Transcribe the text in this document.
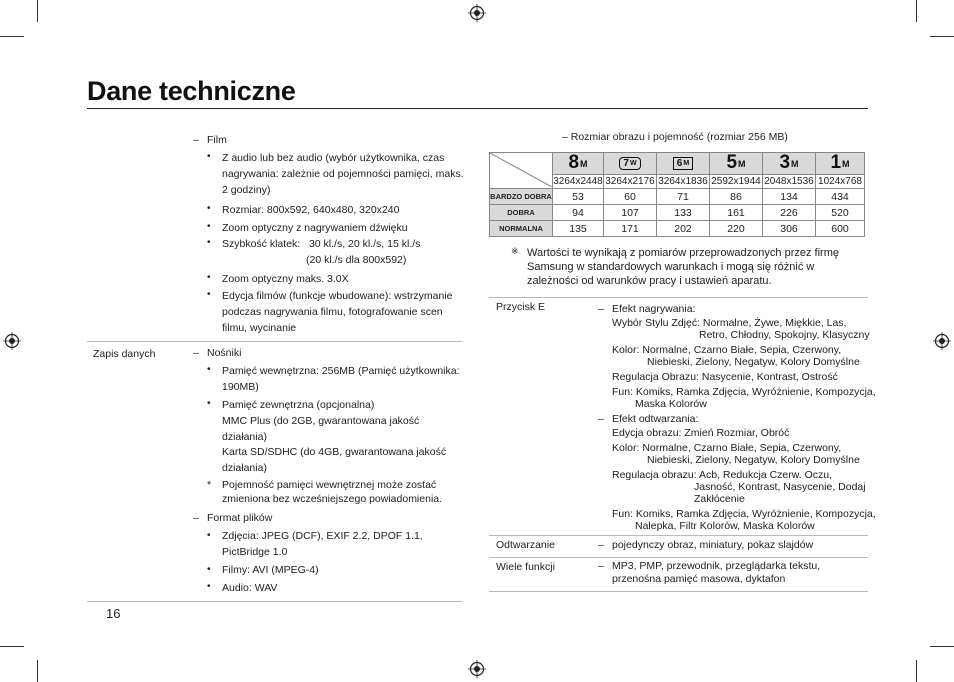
Dane techniczne
– Film
• Z audio lub bez audio (wybór użytkownika, czas
nagrywania: zależnie od pojemności pamięci, maks.
2 godziny)
• Rozmiar: 800x592, 640x480, 320x240
• Zoom optyczny z nagrywaniem dźwięku
• Szybkość klatek:   30 kl./s, 20 kl./s, 15 kl./s
(20 kl./s dla 800x592)
• Zoom optyczny maks. 3.0X
• Edycja filmów (funkcje wbudowane): wstrzymanie
podczas nagrywania filmu, fotografowanie scen
filmu, wycinanie
Zapis danych	– Nośniki
• Pamięć wewnętrzna: 256MB (Pamięć użytkownika:
190MB)
• Pamięć zewnętrzna (opcjonalna)
MMC Plus (do 2GB, gwarantowana jakość
działania)
Karta SD/SDHC (do 4GB, gwarantowana jakość
działania)
* Pojemność pamięci wewnętrznej może zostać
zmieniona bez wcześniejszego powiadomienia.
– Format plików
• Zdjęcia: JPEG (DCF), EXIF 2.2, DPOF 1.1,
PictBridge 1.0
• Filmy: AVI (MPEG-4)
• Audio: WAV
16
– Rozmiar obrazu i pojemność (rozmiar 256 MB)
	8M	7W	6M	5M	3M	1M
	3264x2448	3264x2176	3264x1836	2592x1944	2048x1536	1024x768
BARDZO DOBRA	53	60	71	86	134	434
DOBRA	94	107	133	161	226	520
NORMALNA	135	171	202	220	306	600
※ Wartości te wynikają z pomiarów przeprowadzonych przez firmę
Samsung w standardowych warunkach i mogą się różnić w
zależności od warunków pracy i ustawień aparatu.
Przycisk E	– Efekt nagrywania:
Wybór Stylu Zdjęć: Normalne, Żywe, Miękkie, Las,
Retro, Chłodny, Spokojny, Klasyczny
Kolor: Normalne, Czarno Białe, Sepia, Czerwony,
Niebieski, Zielony, Negatyw, Kolory Domyślne
Regulacja Obrazu: Nasycenie, Kontrast, Ostrość
Fun: Komiks, Ramka Zdjęcia, Wyróżnienie, Kompozycja,
Maska Kolorów
– Efekt odtwarzania:
Edycja obrazu: Zmień Rozmiar, Obróć
Kolor: Normalne, Czarno Białe, Sepia, Czerwony,
Niebieski, Zielony, Negatyw, Kolory Domyślne
Regulacja obrazu: Acb, Redukcja Czerw. Oczu,
Jasność, Kontrast, Nasycenie, Dodaj
Zakłócenie
Fun: Komiks, Ramka Zdjęcia, Wyróżnienie, Kompozycja,
Nalepka, Filtr Kolorów, Maska Kolorów
Odtwarzanie	– pojedynczy obraz, miniatury, pokaz slajdów
Wiele funkcji	– MP3, PMP, przewodnik, przeglądarka tekstu,
przenośna pamięć masowa, dyktafon
